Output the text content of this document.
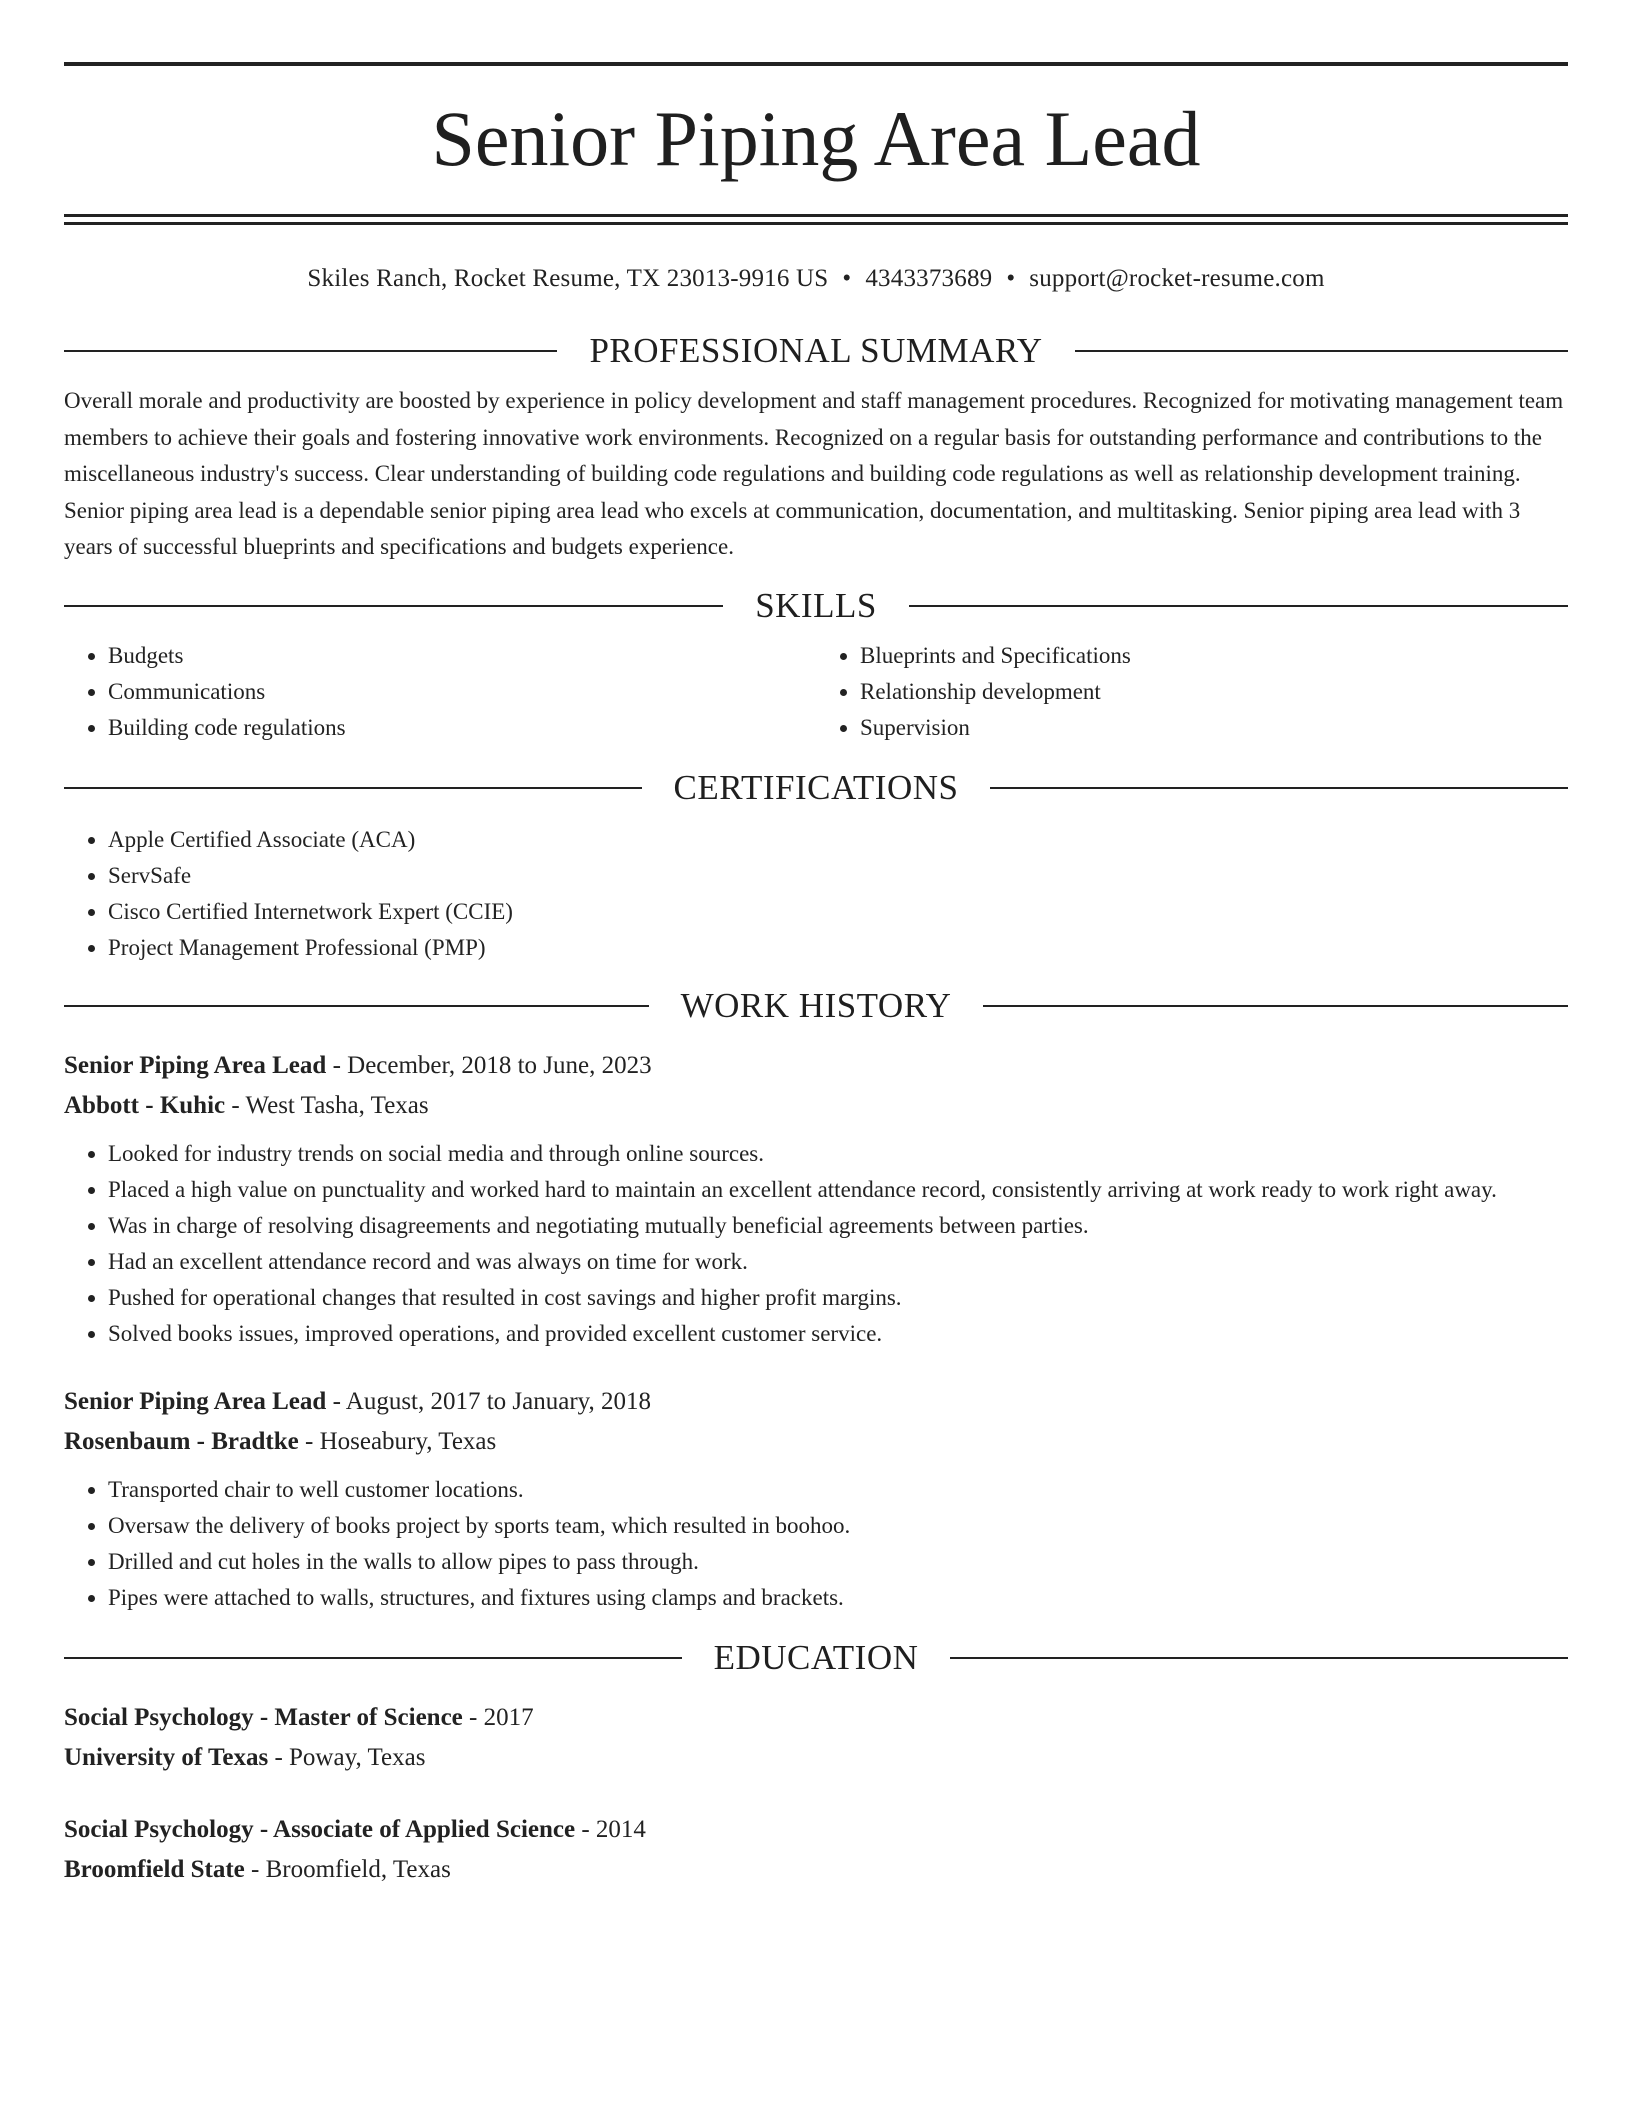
Senior Piping Area Lead
Skiles Ranch, Rocket Resume, TX 23013-9916 US • 4343373689 • support@rocket-resume.com
PROFESSIONAL SUMMARY
Overall morale and productivity are boosted by experience in policy development and staff management procedures. Recognized for motivating management team members to achieve their goals and fostering innovative work environments. Recognized on a regular basis for outstanding performance and contributions to the miscellaneous industry's success. Clear understanding of building code regulations and building code regulations as well as relationship development training. Senior piping area lead is a dependable senior piping area lead who excels at communication, documentation, and multitasking. Senior piping area lead with 3 years of successful blueprints and specifications and budgets experience.
SKILLS
• Budgets
• Communications
• Building code regulations
• Blueprints and Specifications
• Relationship development
• Supervision
CERTIFICATIONS
• Apple Certified Associate (ACA)
• ServSafe
• Cisco Certified Internetwork Expert (CCIE)
• Project Management Professional (PMP)
WORK HISTORY
Senior Piping Area Lead - December, 2018 to June, 2023
Abbott - Kuhic - West Tasha, Texas
• Looked for industry trends on social media and through online sources.
• Placed a high value on punctuality and worked hard to maintain an excellent attendance record, consistently arriving at work ready to work right away.
• Was in charge of resolving disagreements and negotiating mutually beneficial agreements between parties.
• Had an excellent attendance record and was always on time for work.
• Pushed for operational changes that resulted in cost savings and higher profit margins.
• Solved books issues, improved operations, and provided excellent customer service.
Senior Piping Area Lead - August, 2017 to January, 2018
Rosenbaum - Bradtke - Hoseabury, Texas
• Transported chair to well customer locations.
• Oversaw the delivery of books project by sports team, which resulted in boohoo.
• Drilled and cut holes in the walls to allow pipes to pass through.
• Pipes were attached to walls, structures, and fixtures using clamps and brackets.
EDUCATION
Social Psychology - Master of Science - 2017
University of Texas - Poway, Texas
Social Psychology - Associate of Applied Science - 2014
Broomfield State - Broomfield, Texas
